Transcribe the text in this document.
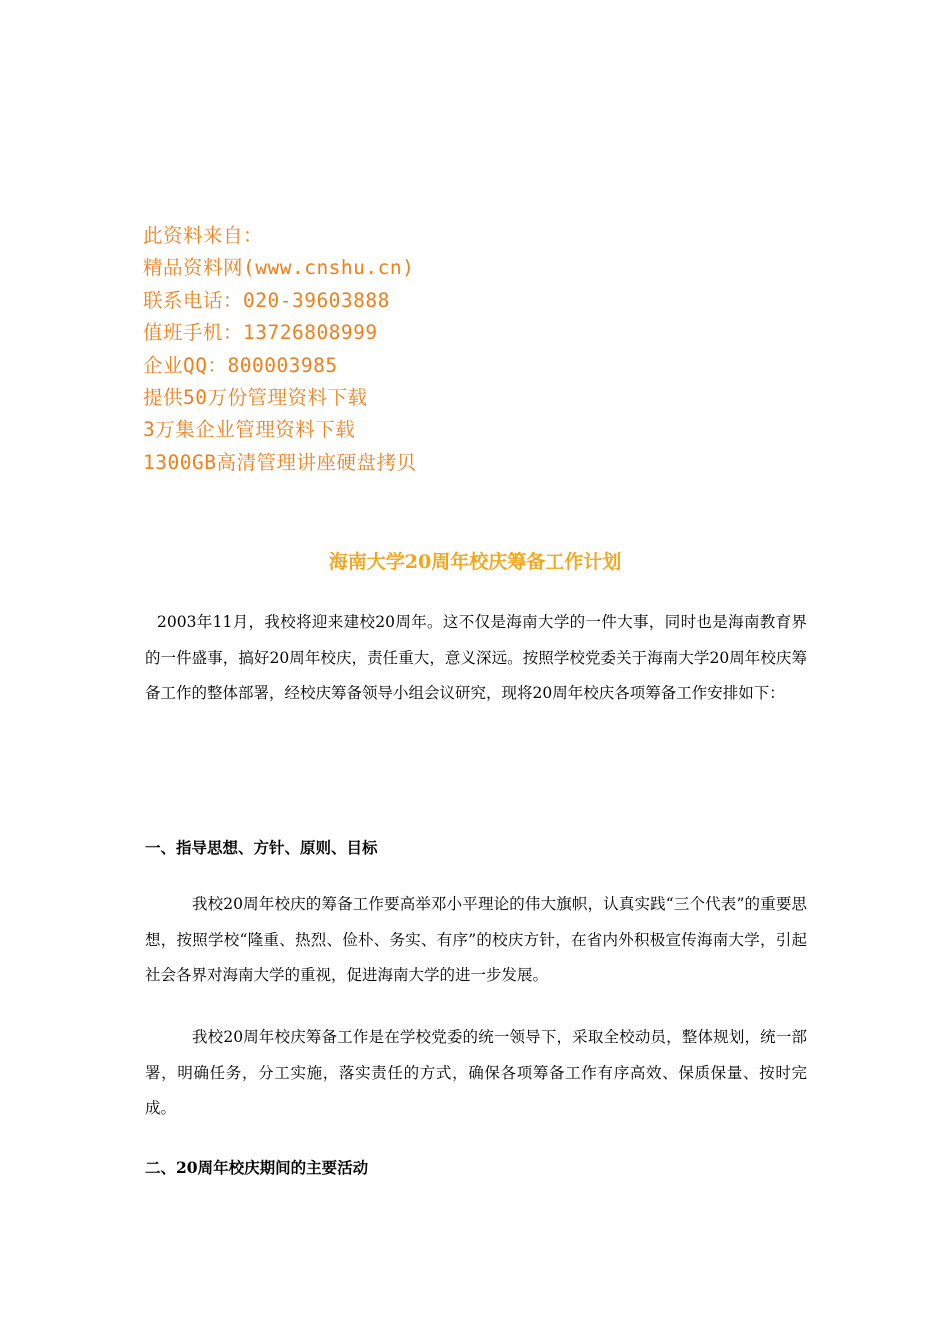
此资料来自：
精品资料网(www.cnshu.cn)
联系电话：020-39603888
值班手机：13726808999
企业QQ：800003985
提供50万份管理资料下载
3万集企业管理资料下载
1300GB高清管理讲座硬盘拷贝
海南大学20周年校庆筹备工作计划
2003年11月，我校将迎来建校20周年。这不仅是海南大学的一件大事，同时也是海南教育界的一件盛事，搞好20周年校庆，责任重大，意义深远。按照学校党委关于海南大学20周年校庆筹备工作的整体部署，经校庆筹备领导小组会议研究，现将20周年校庆各项筹备工作安排如下：
一、指导思想、方针、原则、目标
我校20周年校庆的筹备工作要高举邓小平理论的伟大旗帜，认真实践“三个代表”的重要思想，按照学校“隆重、热烈、俭朴、务实、有序”的校庆方针，在省内外积极宣传海南大学，引起社会各界对海南大学的重视，促进海南大学的进一步发展。
我校20周年校庆筹备工作是在学校党委的统一领导下，采取全校动员，整体规划，统一部署，明确任务，分工实施，落实责任的方式，确保各项筹备工作有序高效、保质保量、按时完成。
二、20周年校庆期间的主要活动
